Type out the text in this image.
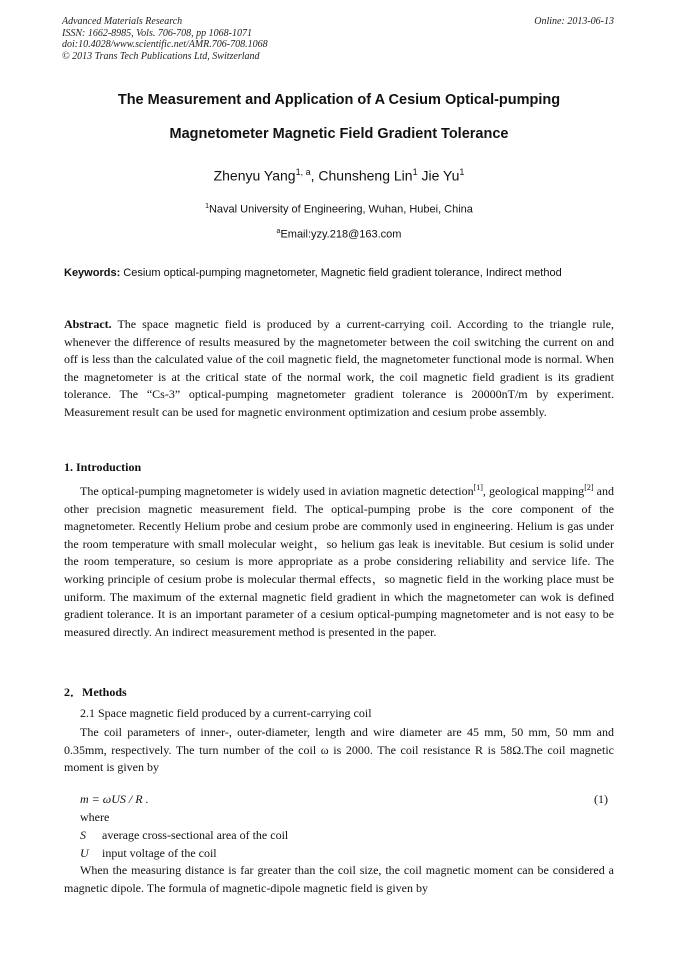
Advanced Materials Research
ISSN: 1662-8985, Vols. 706-708, pp 1068-1071
doi:10.4028/www.scientific.net/AMR.706-708.1068
© 2013 Trans Tech Publications Ltd, Switzerland
Online: 2013-06-13
The Measurement and Application of A Cesium Optical-pumping
Magnetometer Magnetic Field Gradient Tolerance
Zhenyu Yang$^{1, a}$, Chunsheng Lin$^1$ Jie Yu$^1$
$^1$Naval University of Engineering, Wuhan, Hubei, China
$^a$Email:yzy.218@163.com
Keywords: Cesium optical-pumping magnetometer, Magnetic field gradient tolerance, Indirect method
Abstract. The space magnetic field is produced by a current-carrying coil. According to the triangle rule, whenever the difference of results measured by the magnetometer between the coil switching the current on and off is less than the calculated value of the coil magnetic field, the magnetometer functional mode is normal. When the magnetometer is at the critical state of the normal work, the coil magnetic field gradient is its gradient tolerance. The “Cs-3” optical-pumping magnetometer gradient tolerance is 20000nT/m by experiment. Measurement result can be used for magnetic environment optimization and cesium probe assembly.
1. Introduction
The optical-pumping magnetometer is widely used in aviation magnetic detection[1], geological mapping[2] and other precision magnetic measurement field. The optical-pumping probe is the core component of the magnetometer. Recently Helium probe and cesium probe are commonly used in engineering. Helium is gas under the room temperature with small molecular weight，so helium gas leak is inevitable. But cesium is solid under the room temperature, so cesium is more appropriate as a probe considering reliability and service life. The working principle of cesium probe is molecular thermal effects，so magnetic field in the working place must be uniform. The maximum of the external magnetic field gradient in which the magnetometer can wok is defined gradient tolerance. It is an important parameter of a cesium optical-pumping magnetometer and is not easy to be measured directly. An indirect measurement method is presented in the paper.
2．Methods
2.1 Space magnetic field produced by a current-carrying coil
The coil parameters of inner-, outer-diameter, length and wire diameter are 45 mm, 50 mm, 50 mm and 0.35mm, respectively. The turn number of the coil ω is 2000. The coil resistance R is 58Ω.The coil magnetic moment is given by
m = ωUS / R .	(1)
where
S average cross-sectional area of the coil
U input voltage of the coil
When the measuring distance is far greater than the coil size, the coil magnetic moment can be considered a magnetic dipole. The formula of magnetic-dipole magnetic field is given by
